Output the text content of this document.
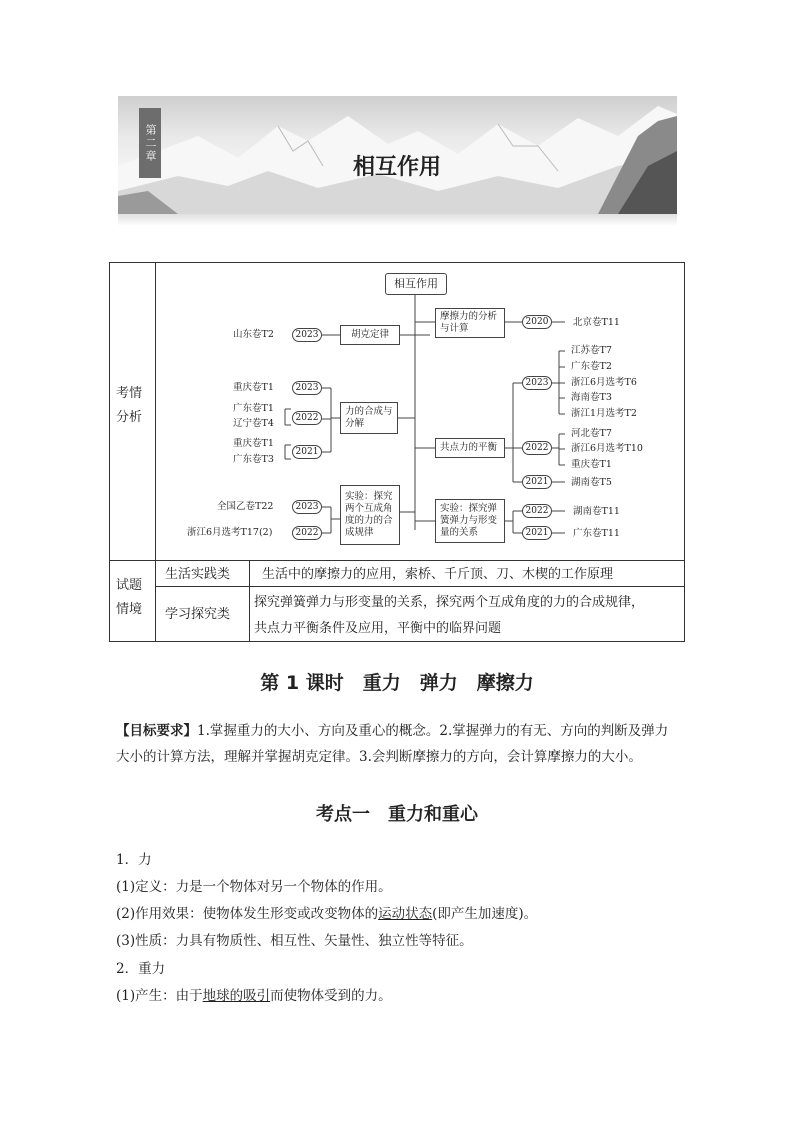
第二章
相互作用
考情分析
试题情境
生活实践类 生活中的摩擦力的应用，索桥、千斤顶、刀、木楔的工作原理
学习探究类
探究弹簧弹力与形变量的关系，探究两个互成角度的力的合成规律，
共点力平衡条件及应用，平衡中的临界问题
相互作用
胡克定律
摩擦力的分析与计算
力的合成与分解
共点力的平衡
实验：探究两个互成角度的力的合成规律
实验：探究弹簧弹力与形变量的关系
山东卷T2	2023
重庆卷T1	2023
广东卷T1
2022
辽宁卷T4
重庆卷T1
2021
广东卷T3
全国乙卷T22	2023
浙江6月选考T17(2)	2022
2020	北京卷T11
2023
江苏卷T7
广东卷T2
浙江6月选考T6
海南卷T3
浙江1月选考T2
2022
河北卷T7
浙江6月选考T10
重庆卷T1
2021	湖南卷T5
2022	湖南卷T11
2021	广东卷T11
第 1 课时　重力　弹力　摩擦力
【目标要求】1.掌握重力的大小、方向及重心的概念。2.掌握弹力的有无、方向的判断及弹力
大小的计算方法，理解并掌握胡克定律。3.会判断摩擦力的方向，会计算摩擦力的大小。
考点一　重力和重心
1．力
(1)定义：力是一个物体对另一个物体的作用。
(2)作用效果：使物体发生形变或改变物体的运动状态(即产生加速度)。
(3)性质：力具有物质性、相互性、矢量性、独立性等特征。
2．重力
(1)产生：由于地球的吸引而使物体受到的力。
